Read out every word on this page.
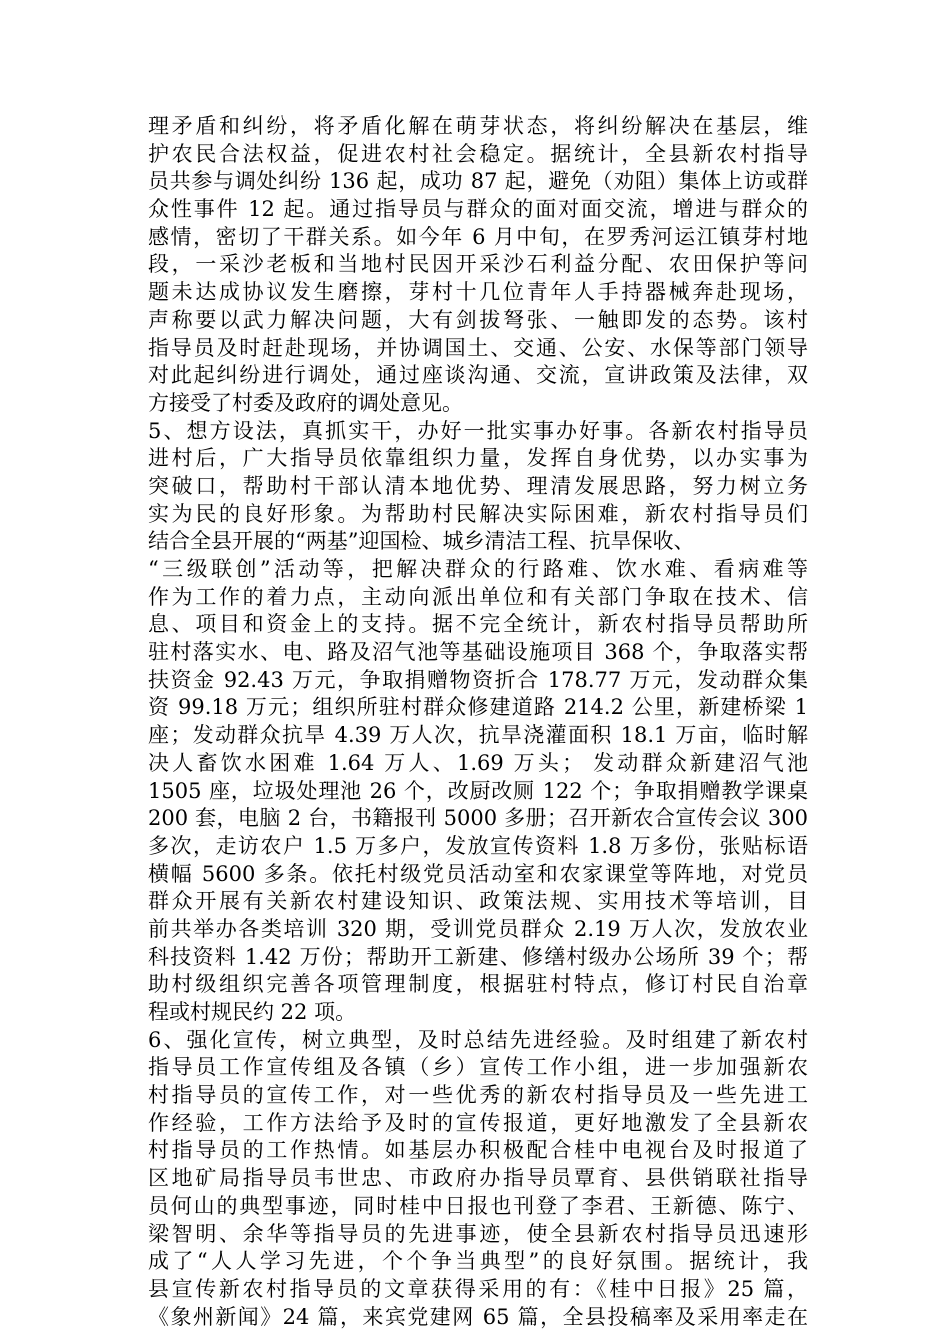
理矛盾和纠纷，将矛盾化解在萌芽状态，将纠纷解决在基层，维
护农民合法权益，促进农村社会稳定。据统计，全县新农村指导
员共参与调处纠纷 136 起，成功 87 起，避免（劝阻）集体上访或群
众性事件 12 起。通过指导员与群众的面对面交流，增进与群众的
感情，密切了干群关系。如今年 6 月中旬，在罗秀河运江镇芽村地
段，一采沙老板和当地村民因开采沙石利益分配、农田保护等问
题未达成协议发生磨擦，芽村十几位青年人手持器械奔赴现场，
声称要以武力解决问题，大有剑拔弩张、一触即发的态势。该村
指导员及时赶赴现场，并协调国土、交通、公安、水保等部门领导
对此起纠纷进行调处，通过座谈沟通、交流，宣讲政策及法律，双
方接受了村委及政府的调处意见。
5、想方设法，真抓实干，办好一批实事办好事。各新农村指导员
进村后，广大指导员依靠组织力量，发挥自身优势，以办实事为
突破口，帮助村干部认清本地优势、理清发展思路，努力树立务
实为民的良好形象。为帮助村民解决实际困难，新农村指导员们
结合全县开展的“两基”迎国检、城乡清洁工程、抗旱保收、
“三级联创”活动等，把解决群众的行路难、饮水难、看病难等
作为工作的着力点，主动向派出单位和有关部门争取在技术、信
息、项目和资金上的支持。据不完全统计，新农村指导员帮助所
驻村落实水、电、路及沼气池等基础设施项目 368 个，争取落实帮
扶资金 92.43 万元，争取捐赠物资折合 178.77 万元，发动群众集
资 99.18 万元；组织所驻村群众修建道路 214.2 公里，新建桥梁 1
座；发动群众抗旱 4.39 万人次，抗旱浇灌面积 18.1 万亩，临时解
决人畜饮水困难 1.64 万人、1.69 万头； 发动群众新建沼气池
1505 座，垃圾处理池 26 个，改厨改厕 122 个；争取捐赠教学课桌
200 套，电脑 2 台，书籍报刊 5000 多册；召开新农合宣传会议 300
多次，走访农户 1.5 万多户，发放宣传资料 1.8 万多份，张贴标语
横幅 5600 多条。依托村级党员活动室和农家课堂等阵地，对党员
群众开展有关新农村建设知识、政策法规、实用技术等培训，目
前共举办各类培训 320 期，受训党员群众 2.19 万人次，发放农业
科技资料 1.42 万份；帮助开工新建、修缮村级办公场所 39 个；帮
助村级组织完善各项管理制度，根据驻村特点，修订村民自治章
程或村规民约 22 项。
6、强化宣传，树立典型，及时总结先进经验。及时组建了新农村
指导员工作宣传组及各镇（乡）宣传工作小组，进一步加强新农
村指导员的宣传工作，对一些优秀的新农村指导员及一些先进工
作经验，工作方法给予及时的宣传报道，更好地激发了全县新农
村指导员的工作热情。如基层办积极配合桂中电视台及时报道了
区地矿局指导员韦世忠、市政府办指导员覃育、县供销联社指导
员何山的典型事迹，同时桂中日报也刊登了李君、王新德、陈宁、
梁智明、余华等指导员的先进事迹，使全县新农村指导员迅速形
成了“人人学习先进，个个争当典型”的良好氛围。据统计，我
县宣传新农村指导员的文章获得采用的有：《桂中日报》25 篇，
《象州新闻》24 篇，来宾党建网 65 篇，全县投稿率及采用率走在
